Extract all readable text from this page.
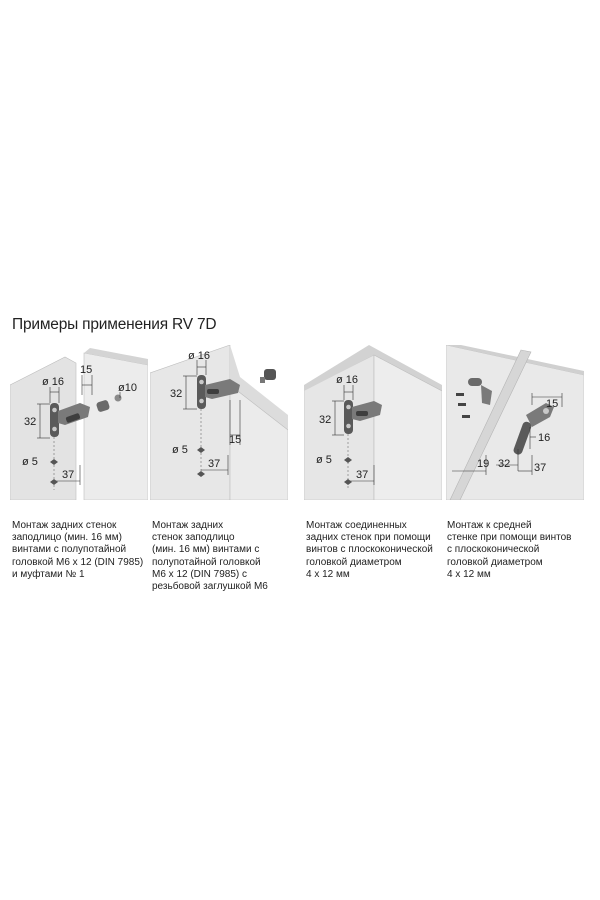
Примеры применения RV 7D
ø 16
15
ø10
32
ø 5
37
ø 16
32
15
ø 5
37
ø 16
32
ø 5
37
15
16
19 32 37
Монтаж задних стенок
заподлицо (мин. 16 мм)
винтами с полупотайной
головкой M6 x 12 (DIN 7985)
и муфтами № 1
Монтаж задних
стенок заподлицо
(мин. 16 мм) винтами с
полупотайной головкой
M6 x 12 (DIN 7985) с
резьбовой заглушкой M6
Монтаж соединенных
задних стенок при помощи
винтов с плоскоконической
головкой диаметром
4 x 12 мм
Монтаж к средней
стенке при помощи винтов
с плоскоконической
головкой диаметром
4 x 12 мм
